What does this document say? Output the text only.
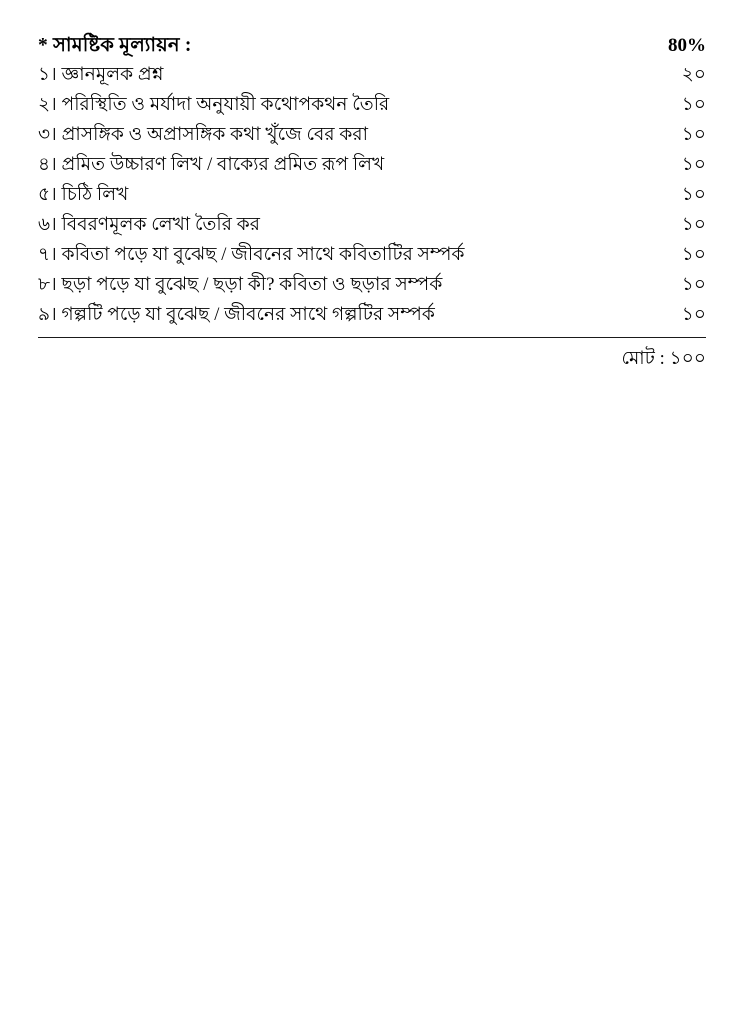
* সামষ্টিক মূল্যায়ন :	80%
১। জ্ঞানমূলক প্রশ্ন	২০
২। পরিস্থিতি ও মর্যাদা অনুযায়ী কথোপকথন তৈরি	১০
৩। প্রাসঙ্গিক ও অপ্রাসঙ্গিক কথা খুঁজে বের করা	১০
৪। প্রমিত উচ্চারণ লিখ / বাক্যের প্রমিত রূপ লিখ	১০
৫। চিঠি লিখ	১০
৬। বিবরণমূলক লেখা তৈরি কর	১০
৭। কবিতা পড়ে যা বুঝেছ / জীবনের সাথে কবিতাটির সম্পর্ক	১০
৮। ছড়া পড়ে যা বুঝেছ / ছড়া কী? কবিতা ও ছড়ার সম্পর্ক	১০
৯। গল্পটি পড়ে যা বুঝেছ / জীবনের সাথে গল্পটির সম্পর্ক	১০
মোট : ১০০
